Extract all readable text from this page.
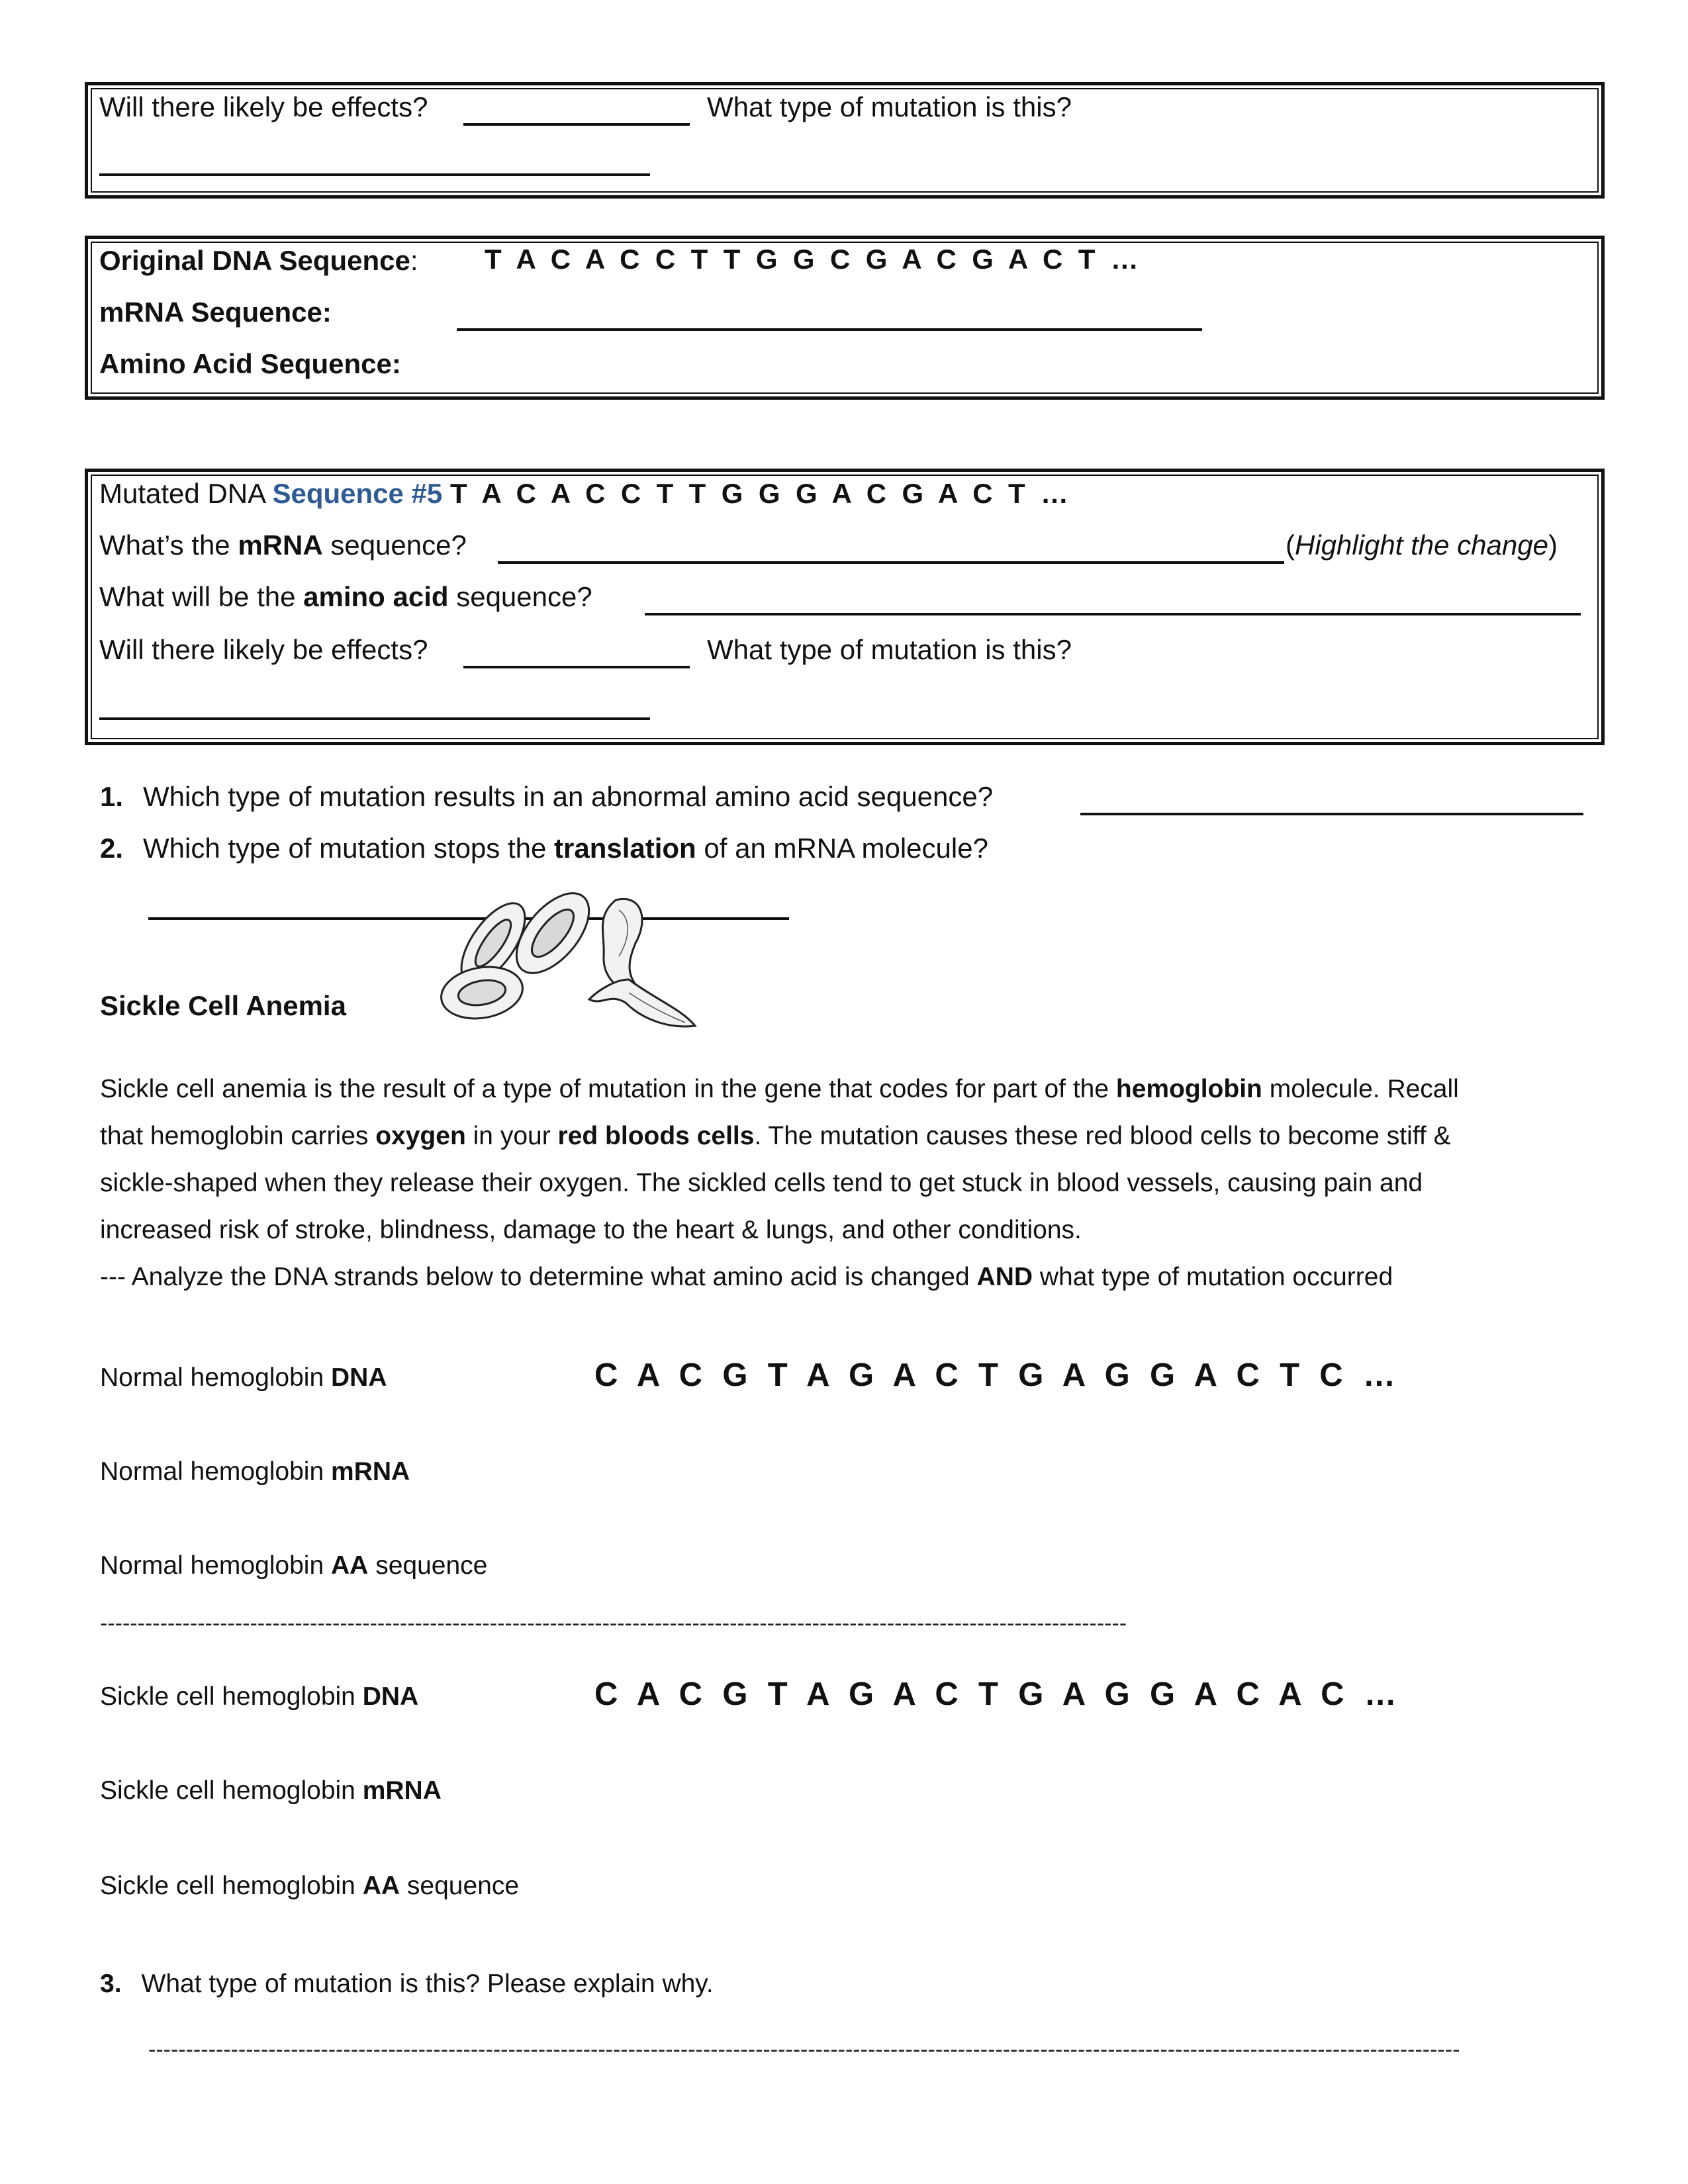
Will there likely be effects?	What type of mutation is this?
Original DNA Sequence: T A C A C C T T G G C G A C G A C T …
mRNA Sequence:
Amino Acid Sequence:
Mutated DNA Sequence #5 T A C A C C T T G G G A C G A C T …
What’s the mRNA sequence?	(Highlight the change)
What will be the amino acid sequence?
Will there likely be effects?	What type of mutation is this?
1. Which type of mutation results in an abnormal amino acid sequence?
2. Which type of mutation stops the translation of an mRNA molecule?
Sickle Cell Anemia
Sickle cell anemia is the result of a type of mutation in the gene that codes for part of the hemoglobin molecule. Recall
that hemoglobin carries oxygen in your red bloods cells. The mutation causes these red blood cells to become stiff &
sickle-shaped when they release their oxygen. The sickled cells tend to get stuck in blood vessels, causing pain and
increased risk of stroke, blindness, damage to the heart & lungs, and other conditions.
--- Analyze the DNA strands below to determine what amino acid is changed AND what type of mutation occurred
Normal hemoglobin DNA	C A C G T A G A C T G A G G A C T C …
Normal hemoglobin mRNA
Normal hemoglobin AA sequence
-----------------------------------------------------------------------------------------------------------------------------------------
Sickle cell hemoglobin DNA	C A C G T A G A C T G A G G A C A C …
Sickle cell hemoglobin mRNA
Sickle cell hemoglobin AA sequence
3. What type of mutation is this? Please explain why.
-------------------------------------------------------------------------------------------------------------------------------------------------------------------------------
